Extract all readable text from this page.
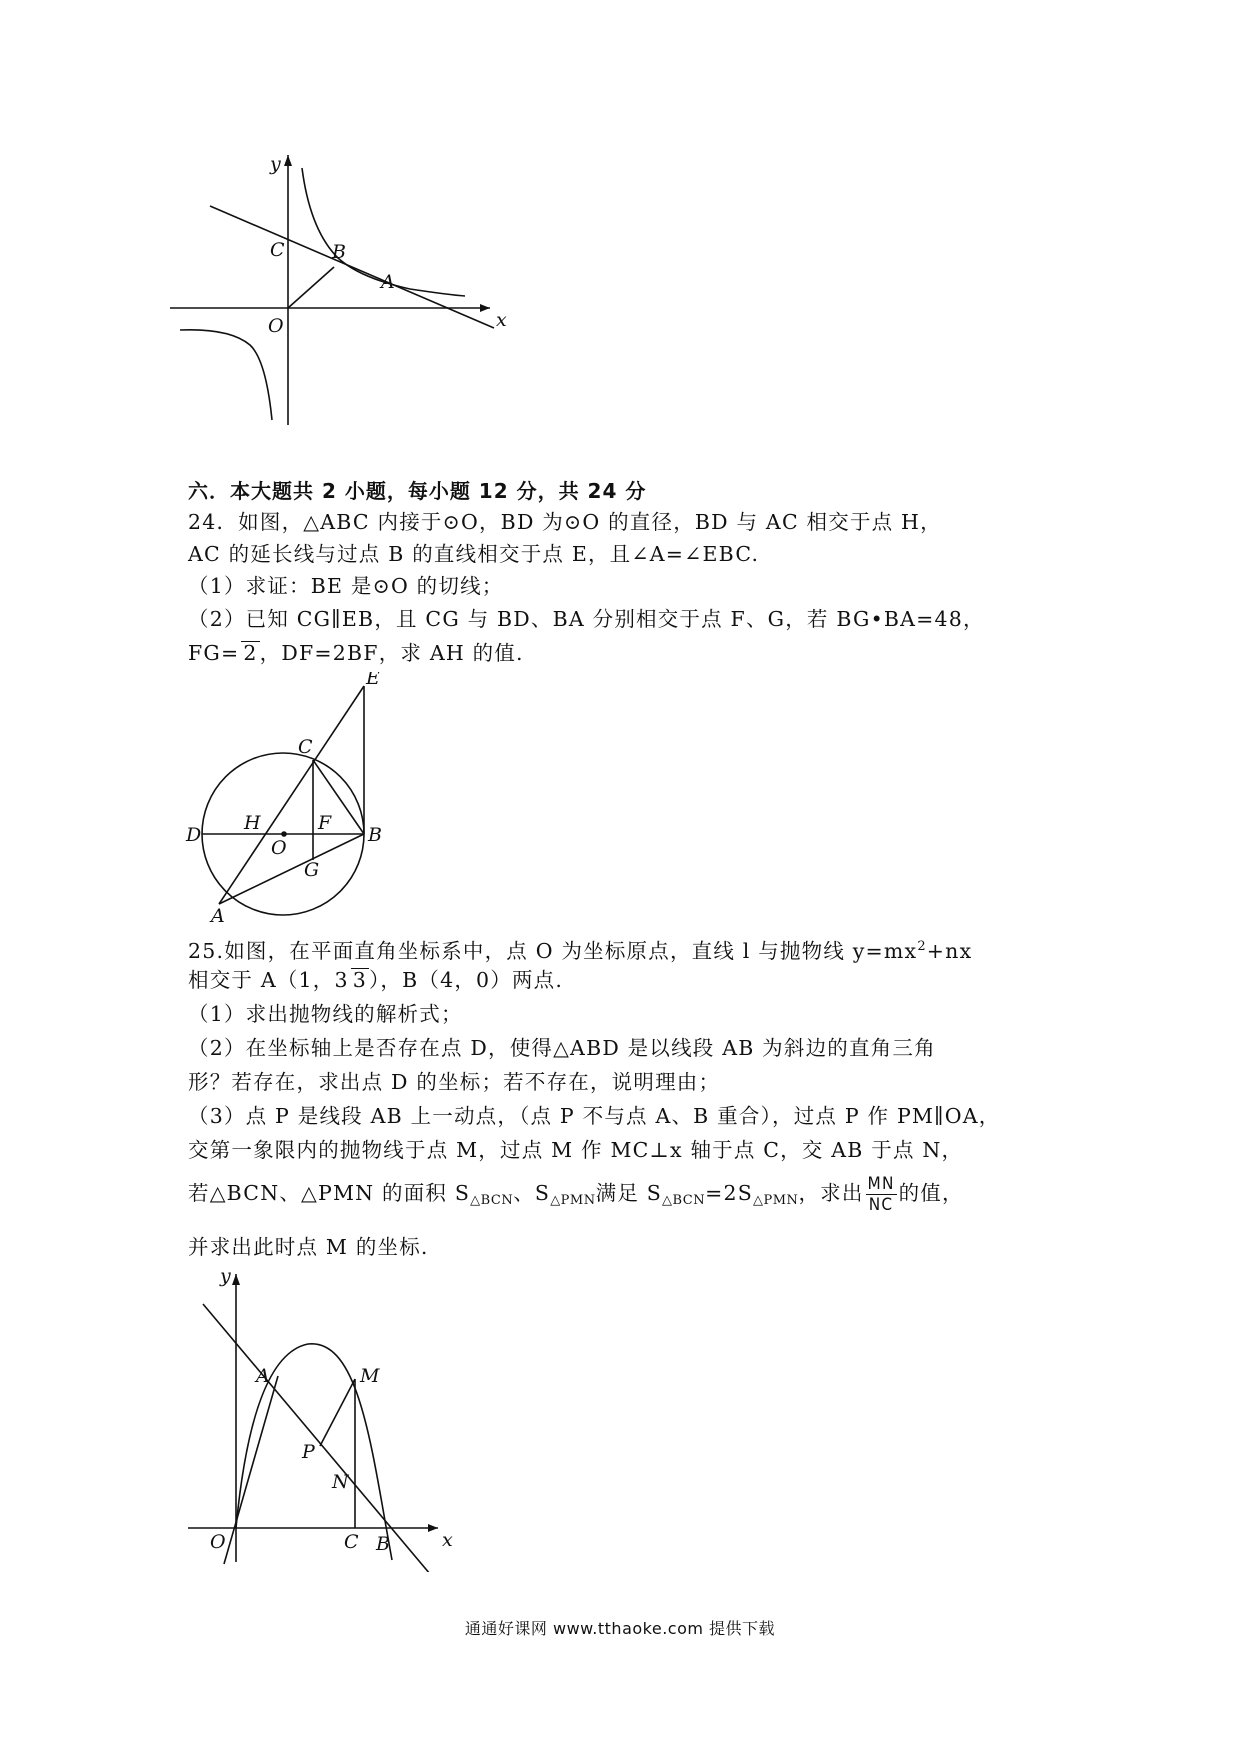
y
x
O
C B
A
六．本大题共 2 小题，每小题 12 分，共 24 分
24．如图，△ABC 内接于⊙O，BD 为⊙O 的直径，BD 与 AC 相交于点 H，
AC 的延长线与过点 B 的直线相交于点 E，且∠A=∠EBC.
（1）求证：BE 是⊙O 的切线；
（2）已知 CG∥EB，且 CG 与 BD、BA 分别相交于点 F、G，若 BG•BA=48，
FG= 2，DF=2BF，求 AH 的值.
E
C
D
H	F
B
O
G
A
25.如图，在平面直角坐标系中，点 O 为坐标原点，直线 l 与抛物线 $y=mx^2+nx$
相交于 A（1，3 3），B（4，0）两点.
（1）求出抛物线的解析式；
（2）在坐标轴上是否存在点 D，使得△ABD 是以线段 AB 为斜边的直角三角
形？若存在，求出点 D 的坐标；若不存在，说明理由；
（3）点 P 是线段 AB 上一动点，（点 P 不与点 A、B 重合），过点 P 作 PM∥OA，
交第一象限内的抛物线于点 M，过点 M 作 MC⊥x 轴于点 C，交 AB 于点 N，
若△BCN、△PMN 的面积 $S_{\triangle BCN}$、$S_{\triangle PMN}$满足 $S_{\triangle BCN}=2S_{\triangle PMN}$，求出 $\frac{MN}{NC}$ 的值，
并求出此时点 M 的坐标.
y
x
O
A	M
P
N
C B
通通好课网 www.tthaoke.com 提供下载
